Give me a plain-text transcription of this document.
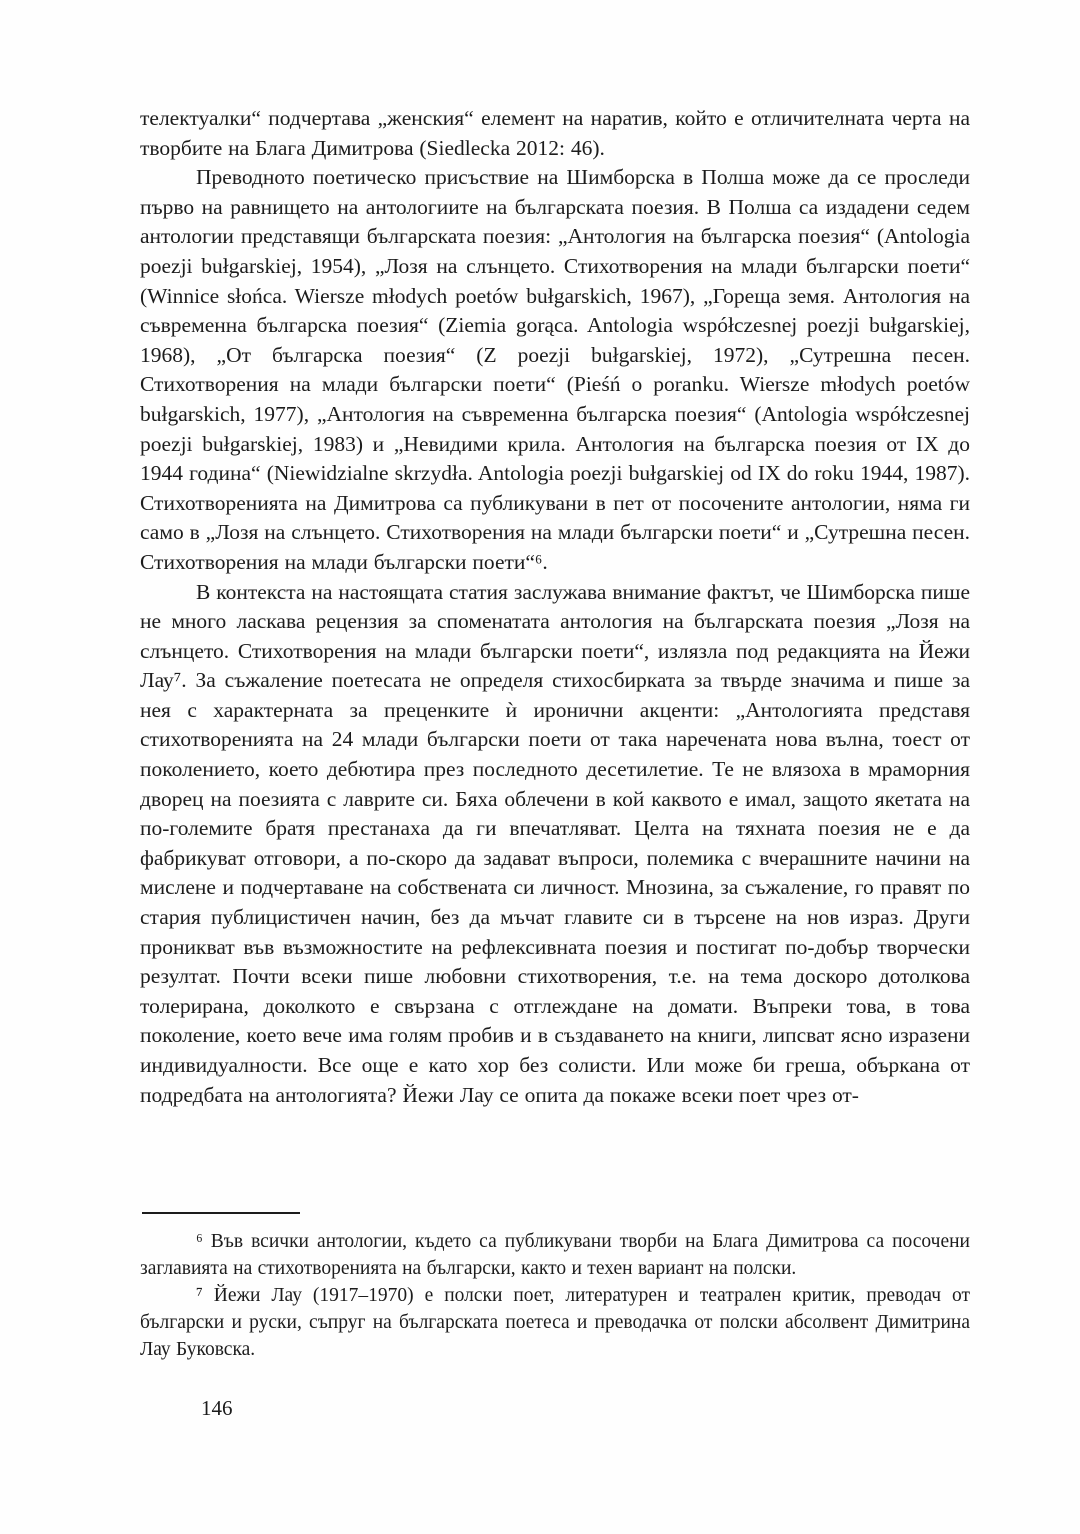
телектуалки“ подчертава „женския“ елемент на наратив, който е отличителната черта на творбите на Блага Димитрова (Siedlecka 2012: 46).

Преводното поетическо присъствие на Шимборска в Полша може да се проследи първо на равнището на антологиите на българската поезия. В Полша са издадени седем антологии представящи българската поезия: „Антология на българска поезия“ (Antologia poezji bułgarskiej, 1954), „Лозя на слънцето. Стихотворения на млади български поети“ (Winnice słońca. Wiersze młodych poetów bułgarskich, 1967), „Гореща земя. Антология на съвременна българска поезия“ (Ziemia gorąca. Antologia współczesnej poezji bułgarskiej, 1968), „От българска поезия“ (Z poezji bułgarskiej, 1972), „Сутрешна песен. Стихотворения на млади български поети“ (Pieśń o poranku. Wiersze młodych poetów bułgarskich, 1977), „Антология на съвременна българска поезия“ (Antologia współczesnej poezji bułgarskiej, 1983) и „Невидими крила. Антология на българска поезия от IX до 1944 година“ (Niewidzialne skrzydła. Antologia poezji bułgarskiej od IX do roku 1944, 1987). Стихотворенията на Димитрова са публикувани в пет от посочените антологии, няма ги само в „Лозя на слънцето. Стихотворения на млади български поети“ и „Сутрешна песен. Стихотворения на млади български поети“⁶.

В контекста на настоящата статия заслужава внимание фактът, че Шимборска пише не много ласкава рецензия за споменатата антология на българската поезия „Лозя на слънцето. Стихотворения на млади български поети“, излязла под редакцията на Йежи Лау⁷. За съжаление поетесата не определя стихосбирката за твърде значима и пише за нея с характерната за преценките ѝ иронични акценти: „Антологията представя стихотворенията на 24 млади български поети от така наречената нова вълна, тоест от поколението, което дебютира през последното десетилетие. Те не влязоха в мраморния дворец на поезията с лаврите си. Бяха облечени в кой каквото е имал, защото якетата на по-големите братя престанаха да ги впечатляват. Целта на тяхната поезия не е да фабрикуват отговори, а по-скоро да задават въпроси, полемика с вчерашните начини на мислене и подчертаване на собствената си личност. Мнозина, за съжаление, го правят по стария публицистичен начин, без да мъчат главите си в търсене на нов израз. Други проникват във възможностите на рефлексивната поезия и постигат по-добър творчески резултат. Почти всеки пише любовни стихотворения, т.е. на тема доскоро дотолкова толерирана, доколкото е свързана с отглеждане на домати. Въпреки това, в това поколение, което вече има голям пробив и в създаването на книги, липсват ясно изразени индивидуалности. Все още е като хор без солисти. Или може би греша, объркана от подредбата на антологията? Йежи Лау се опита да покаже всеки поет чрез от-

⁶ Във всички антологии, където са публикувани творби на Блага Димитрова са посочени заглавията на стихотворенията на български, както и техен вариант на полски.

⁷ Йежи Лау (1917–1970) е полски поет, литературен и театрален критик, преводач от български и руски, съпруг на българската поетеса и преводачка от полски абсолвент Димитрина Лау Буковска.

146
